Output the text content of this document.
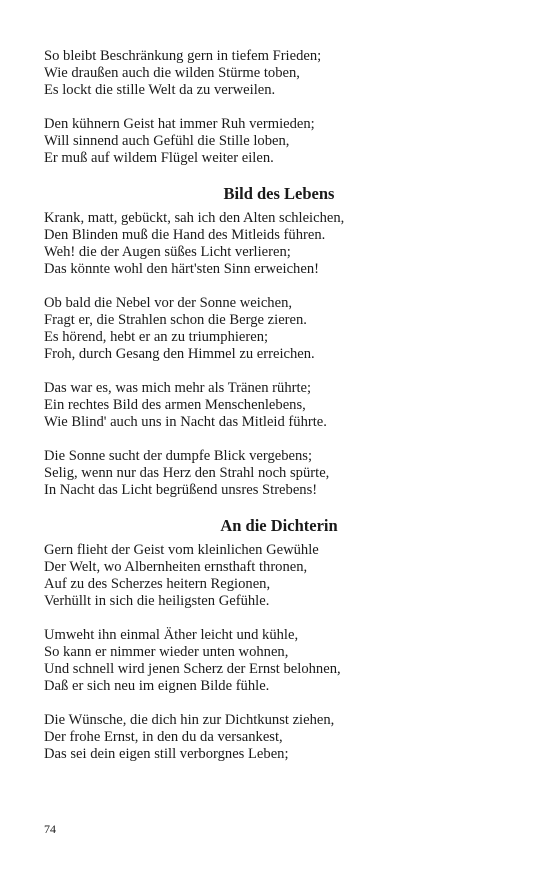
So bleibt Beschränkung gern in tiefem Frieden;
Wie draußen auch die wilden Stürme toben,
Es lockt die stille Welt da zu verweilen.
Den kühnern Geist hat immer Ruh vermieden;
Will sinnend auch Gefühl die Stille loben,
Er muß auf wildem Flügel weiter eilen.
Bild des Lebens
Krank, matt, gebückt, sah ich den Alten schleichen,
Den Blinden muß die Hand des Mitleids führen.
Weh! die der Augen süßes Licht verlieren;
Das könnte wohl den härt'sten Sinn erweichen!
Ob bald die Nebel vor der Sonne weichen,
Fragt er, die Strahlen schon die Berge zieren.
Es hörend, hebt er an zu triumphieren;
Froh, durch Gesang den Himmel zu erreichen.
Das war es, was mich mehr als Tränen rührte;
Ein rechtes Bild des armen Menschenlebens,
Wie Blind' auch uns in Nacht das Mitleid führte.
Die Sonne sucht der dumpfe Blick vergebens;
Selig, wenn nur das Herz den Strahl noch spürte,
In Nacht das Licht begrüßend unsres Strebens!
An die Dichterin
Gern flieht der Geist vom kleinlichen Gewühle
Der Welt, wo Albernheiten ernsthaft thronen,
Auf zu des Scherzes heitern Regionen,
Verhüllt in sich die heiligsten Gefühle.
Umweht ihn einmal Äther leicht und kühle,
So kann er nimmer wieder unten wohnen,
Und schnell wird jenen Scherz der Ernst belohnen,
Daß er sich neu im eignen Bilde fühle.
Die Wünsche, die dich hin zur Dichtkunst ziehen,
Der frohe Ernst, in den du da versankest,
Das sei dein eigen still verborgnes Leben;
74
